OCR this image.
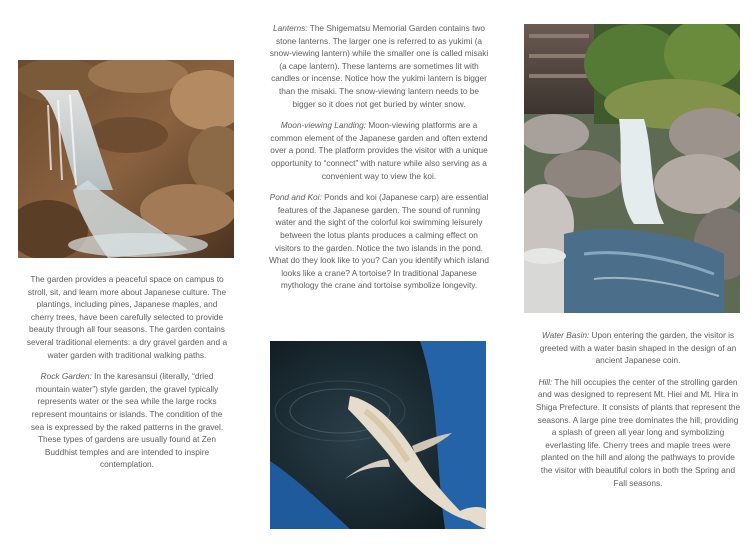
The garden provides a peaceful space on campus to stroll, sit, and learn more about Japanese culture. The plantings, including pines, Japanese maples, and cherry trees, have been carefully selected to provide beauty through all four seasons. The garden contains several traditional elements: a dry gravel garden and a water garden with traditional walking paths.

Rock Garden: In the karesansui (literally, “dried mountain water”) style garden, the gravel typically represents water or the sea while the large rocks represent mountains or islands. The condition of the sea is expressed by the raked patterns in the gravel. These types of gardens are usually found at Zen Buddhist temples and are intended to inspire contemplation.

Lanterns: The Shigematsu Memorial Garden contains two stone lanterns. The larger one is referred to as yukimi (a snow-viewing lantern) while the smaller one is called misaki (a cape lantern). These lanterns are sometimes lit with candles or incense. Notice how the yukimi lantern is bigger than the misaki. The snow-viewing lantern needs to be bigger so it does not get buried by winter snow.

Moon-viewing Landing: Moon-viewing platforms are a common element of the Japanese garden and often extend over a pond. The platform provides the visitor with a unique opportunity to “connect” with nature while also serving as a convenient way to view the koi.

Pond and Koi: Ponds and koi (Japanese carp) are essential features of the Japanese garden. The sound of running water and the sight of the colorful koi swimming leisurely between the lotus plants produces a calming effect on visitors to the garden. Notice the two islands in the pond. What do they look like to you? Can you identify which island looks like a crane? A tortoise? In traditional Japanese mythology the crane and tortoise symbolize longevity.

Water Basin: Upon entering the garden, the visitor is greeted with a water basin shaped in the design of an ancient Japanese coin.

Hill: The hill occupies the center of the strolling garden and was designed to represent Mt. Hiei and Mt. Hira in Shiga Prefecture. It consists of plants that represent the seasons. A large pine tree dominates the hill, providing a splash of green all year long and symbolizing everlasting life. Cherry trees and maple trees were planted on the hill and along the pathways to provide the visitor with beautiful colors in both the Spring and Fall seasons.
